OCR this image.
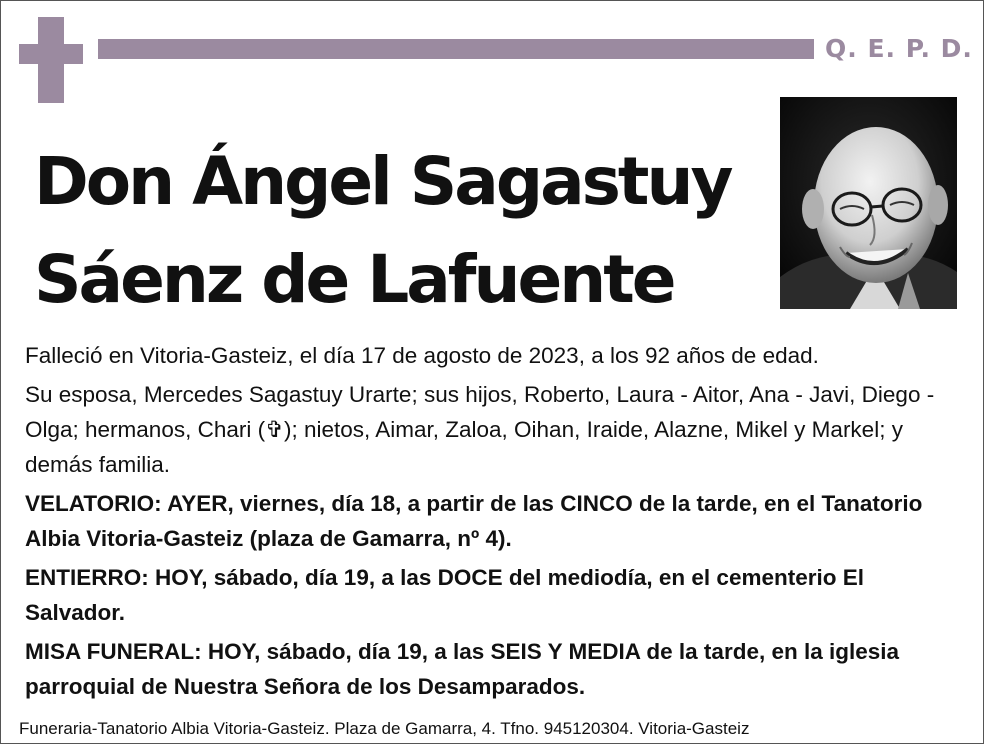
Q. E. P. D.
Don Ángel Sagastuy
Sáenz de Lafuente

Falleció en Vitoria-Gasteiz, el día 17 de agosto de 2023, a los 92 años de edad.

Su esposa, Mercedes Sagastuy Urarte; sus hijos, Roberto, Laura - Aitor, Ana - Javi, Diego - Olga; hermanos, Chari (✞); nietos, Aimar, Zaloa, Oihan, Iraide, Alazne, Mikel y Markel; y demás familia.

VELATORIO: AYER, viernes, día 18, a partir de las CINCO de la tarde, en el Tanatorio Albia Vitoria-Gasteiz (plaza de Gamarra, nº 4).

ENTIERRO: HOY, sábado, día 19, a las DOCE del mediodía, en el cementerio El Salvador.

MISA FUNERAL: HOY, sábado, día 19, a las SEIS Y MEDIA de la tarde, en la iglesia parroquial de Nuestra Señora de los Desamparados.

Funeraria-Tanatorio Albia Vitoria-Gasteiz. Plaza de Gamarra, 4. Tfno. 945120304. Vitoria-Gasteiz
